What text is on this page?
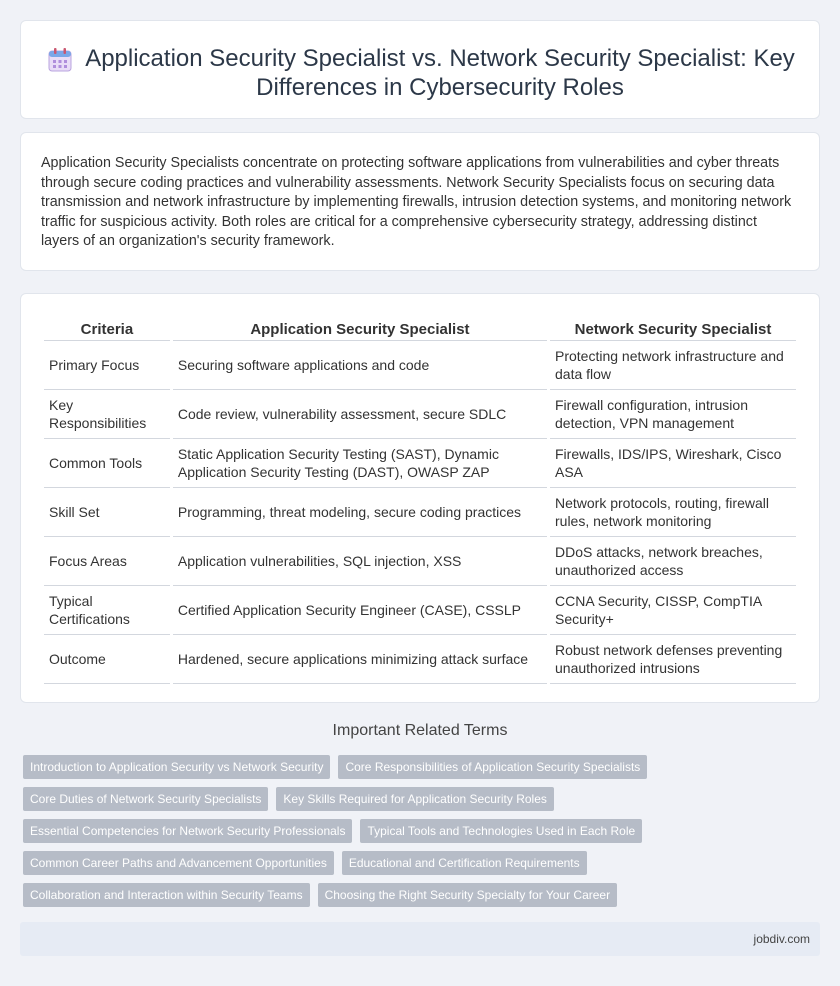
Application Security Specialist vs. Network Security Specialist: Key Differences in Cybersecurity Roles

Application Security Specialists concentrate on protecting software applications from vulnerabilities and cyber threats through secure coding practices and vulnerability assessments. Network Security Specialists focus on securing data transmission and network infrastructure by implementing firewalls, intrusion detection systems, and monitoring network traffic for suspicious activity. Both roles are critical for a comprehensive cybersecurity strategy, addressing distinct layers of an organization's security framework.

Criteria	Application Security Specialist	Network Security Specialist
Primary Focus	Securing software applications and code	Protecting network infrastructure and data flow
Key Responsibilities	Code review, vulnerability assessment, secure SDLC	Firewall configuration, intrusion detection, VPN management
Common Tools	Static Application Security Testing (SAST), Dynamic Application Security Testing (DAST), OWASP ZAP	Firewalls, IDS/IPS, Wireshark, Cisco ASA
Skill Set	Programming, threat modeling, secure coding practices	Network protocols, routing, firewall rules, network monitoring
Focus Areas	Application vulnerabilities, SQL injection, XSS	DDoS attacks, network breaches, unauthorized access
Typical Certifications	Certified Application Security Engineer (CASE), CSSLP	CCNA Security, CISSP, CompTIA Security+
Outcome	Hardened, secure applications minimizing attack surface	Robust network defenses preventing unauthorized intrusions
Important Related Terms
Introduction to Application Security vs Network Security	Core Responsibilities of Application Security Specialists
Core Duties of Network Security Specialists	Key Skills Required for Application Security Roles
Essential Competencies for Network Security Professionals	Typical Tools and Technologies Used in Each Role
Common Career Paths and Advancement Opportunities	Educational and Certification Requirements
Collaboration and Interaction within Security Teams	Choosing the Right Security Specialty for Your Career
jobdiv.com
